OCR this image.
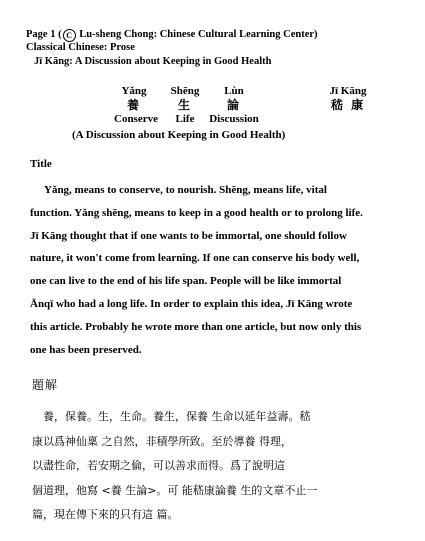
Page 1 ( C Lu-sheng Chong: Chinese Cultural Learning Center)
Classical Chinese: Prose
Jī Kāng: A Discussion about Keeping in Good Health
Yǎng
養
Conserve
Shēng
生
Life
Lùn
論
Discussion
Jī Kāng
嵇 康
(A Discussion about Keeping in Good Health)
Title

Yǎng, means to conserve, to nourish. Shēng, means life, vital
function. Yǎng shēng, means to keep in a good health or to prolong life.
Jī Kāng thought that if one wants to be immortal, one should follow
nature, it won't come from learning. If one can conserve his body well,
one can live to the end of his life span. People will be like immortal
Ānqī who had a long life. In order to explain this idea, Jī Kāng wrote
this article. Probably he wrote more than one article, but now only this
one has been preserved.

題解

　養，保養。生，生命。養生，保養 生命以延年益壽。嵇
康以爲神仙稟 之自然，非積學所致。至於導養 得理，
以盡性命，若安期之倫，可以善求而得。爲了說明這
個道理，他寫 <養 生論>。可 能嵇康論養 生的文章不止一
篇，現在傳下來的只有這 篇。
